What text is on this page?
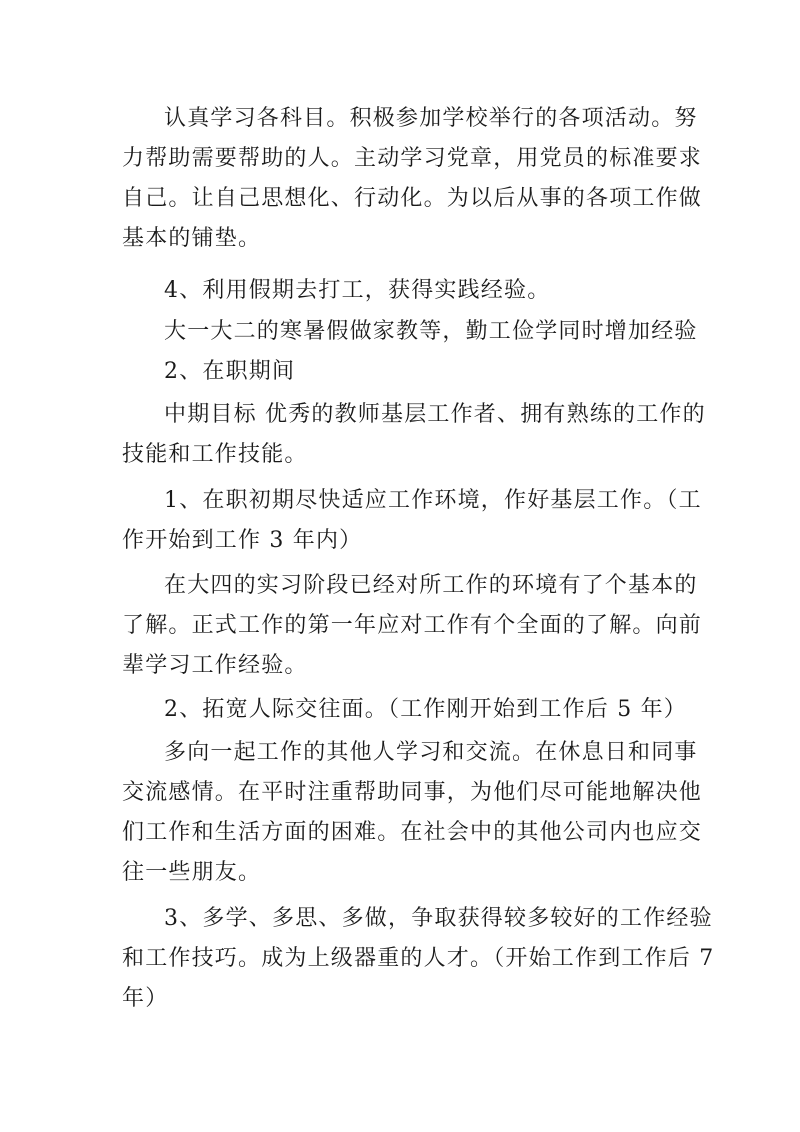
认真学习各科目。积极参加学校举行的各项活动。努
力帮助需要帮助的人。主动学习党章，用党员的标准要求
自己。让自己思想化、行动化。为以后从事的各项工作做
基本的铺垫。
4、利用假期去打工，获得实践经验。
大一大二的寒暑假做家教等，勤工俭学同时增加经验
2、在职期间
中期目标 优秀的教师基层工作者、拥有熟练的工作的
技能和工作技能。
1、在职初期尽快适应工作环境，作好基层工作。（工
作开始到工作 3 年内）
在大四的实习阶段已经对所工作的环境有了个基本的
了解。正式工作的第一年应对工作有个全面的了解。向前
辈学习工作经验。
2、拓宽人际交往面。（工作刚开始到工作后 5 年）
多向一起工作的其他人学习和交流。在休息日和同事
交流感情。在平时注重帮助同事，为他们尽可能地解决他
们工作和生活方面的困难。在社会中的其他公司内也应交
往一些朋友。
3、多学、多思、多做，争取获得较多较好的工作经验
和工作技巧。成为上级器重的人才。（开始工作到工作后 7
年）
